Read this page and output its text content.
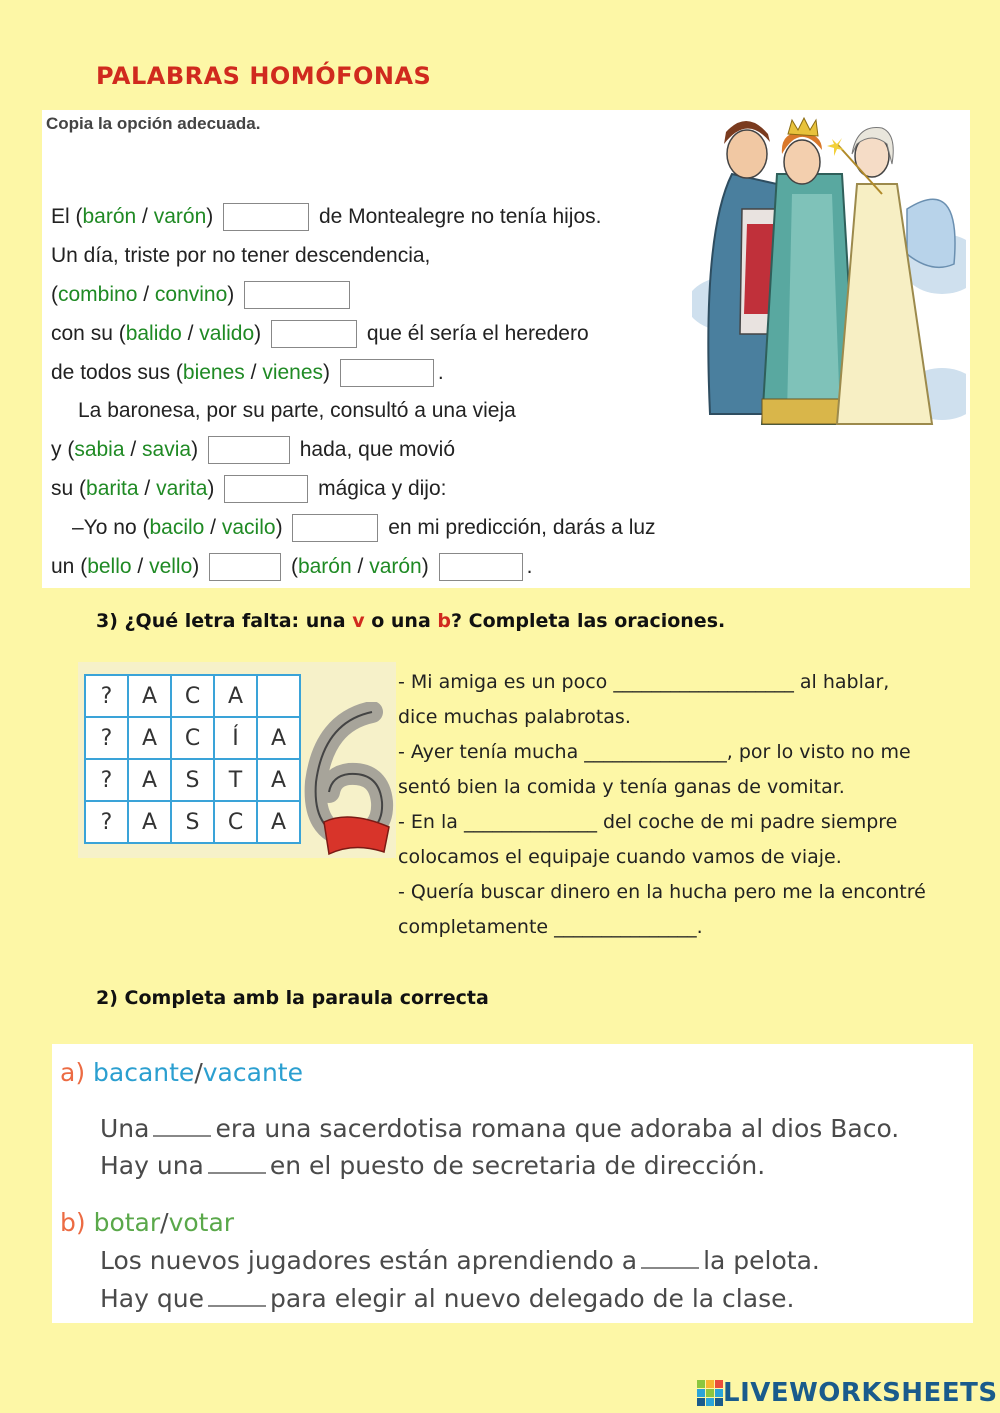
PALABRAS HOMÓFONAS
Copia la opción adecuada.
El (barón / varón)	de Montealegre no tenía hijos.
Un día, triste por no tener descendencia,
(combino / convino)
con su (balido / valido)	que él sería el heredero
de todos sus (bienes / vienes)	.
La baronesa, por su parte, consultó a una vieja
y (sabia / savia)	hada, que movió
su (barita / varita)	mágica y dijo:
–Yo no (bacilo / vacilo)	en mi predicción, darás a luz
un (bello / vello)	(barón / varón)	.
3) ¿Qué letra falta: una v o una b? Completa las oraciones.
?	A	C	A	
?	A	C	Í	A
?	A	S	T	A
?	A	S	C	A
- Mi amiga es un poco ___________________ al hablar,
dice muchas palabrotas.
- Ayer tenía mucha _______________, por lo visto no me
sentó bien la comida y tenía ganas de vomitar.
- En la ______________ del coche de mi padre siempre
colocamos el equipaje cuando vamos de viaje.
- Quería buscar dinero en la hucha pero me la encontré
completamente _______________.
2) Completa amb la paraula correcta
a) bacante/vacante
Una	era una sacerdotisa romana que adoraba al dios Baco.
Hay una	en el puesto de secretaria de dirección.
b) botar/votar
Los nuevos jugadores están aprendiendo a	la pelota.
Hay que	para elegir al nuevo delegado de la clase.
LIVEWORKSHEETS
